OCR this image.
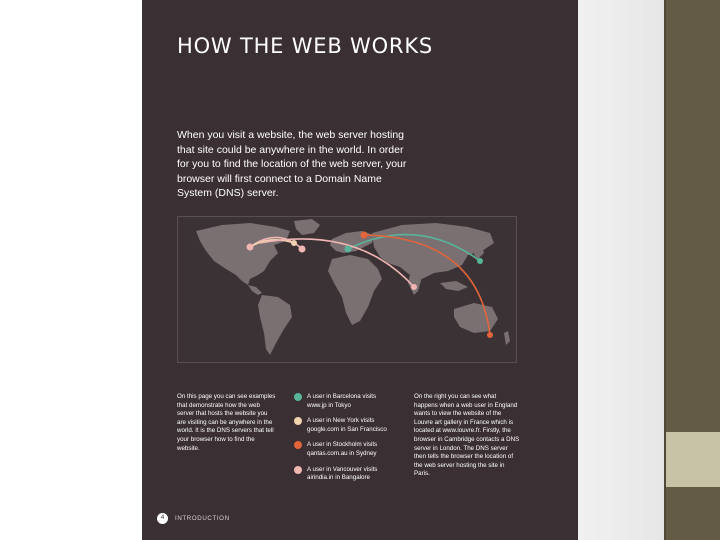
HOW THE WEB WORKS

When you visit a website, the web server hosting that site could be anywhere in the world. In order for you to find the location of the web server, your browser will first connect to a Domain Name System (DNS) server.

On this page you can see examples that demonstrate how the web server that hosts the website you are visiting can be anywhere in the world. It is the DNS servers that tell your browser how to find the website.
A user in Barcelona visits
www.jp in Tokyo
A user in New York visits
google.com in San Francisco
A user in Stockholm visits
qantas.com.au in Sydney
A user in Vancouver visits
airindia.in in Bangalore
On the right you can see what happens when a web user in England wants to view the website of the Louvre art gallery in France which is located at www.louvre.fr. Firstly, the browser in Cambridge contacts a DNS server in London. The DNS server then tells the browser the location of the web server hosting the site in Paris.
4	INTRODUCTION
